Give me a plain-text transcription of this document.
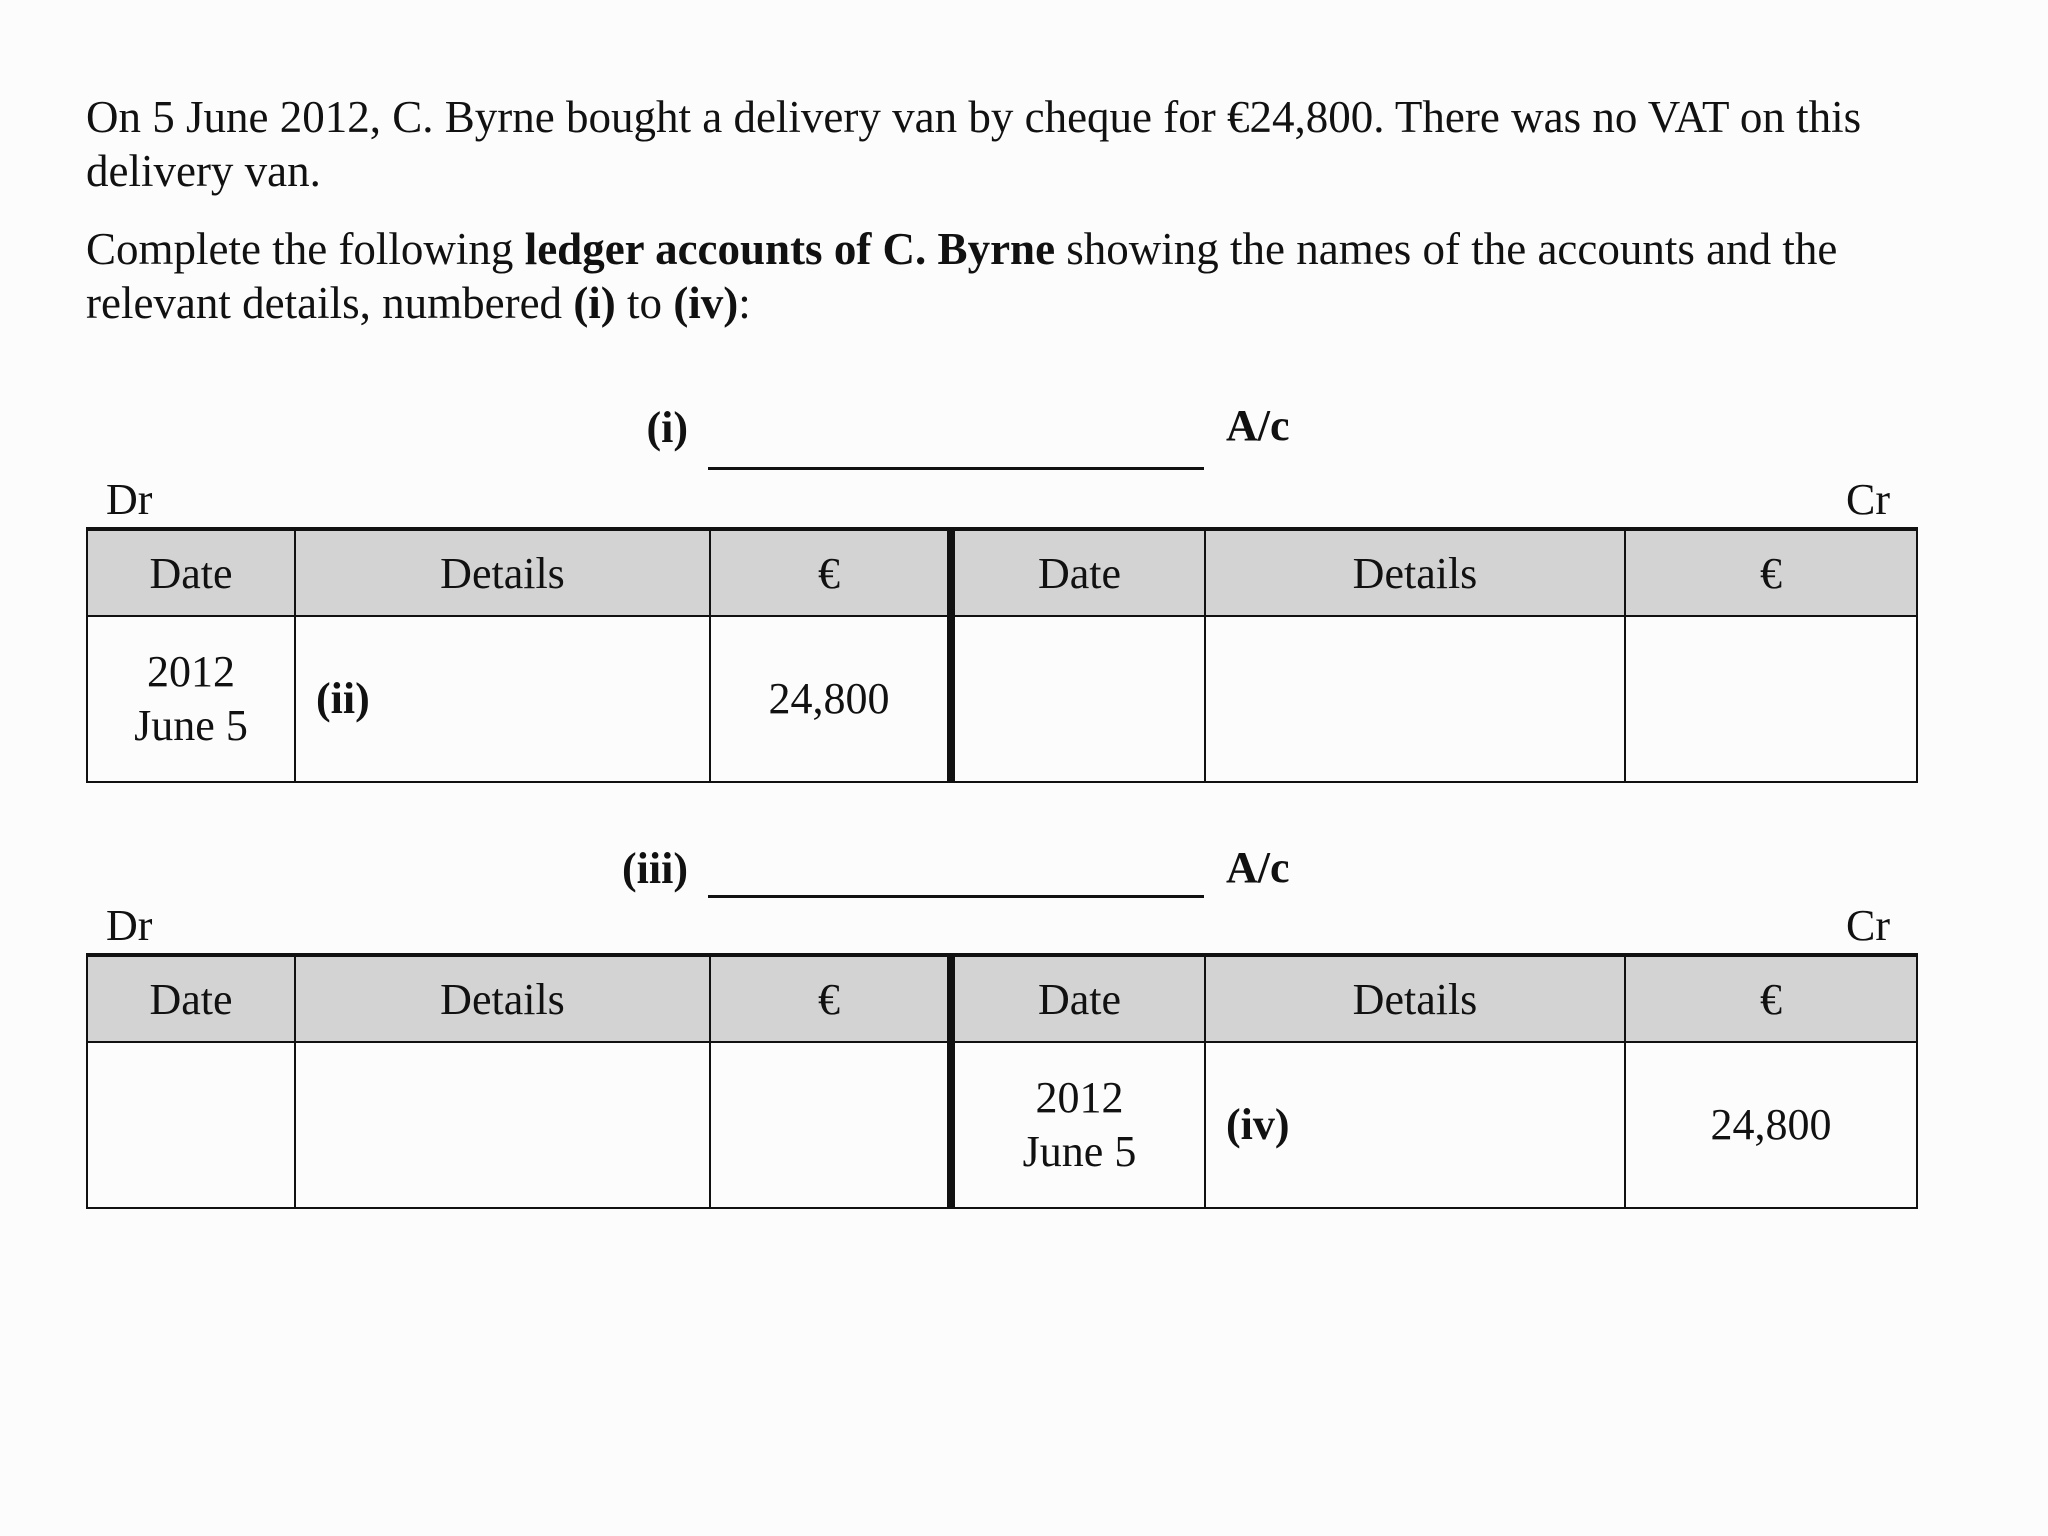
On 5 June 2012, C. Byrne bought a delivery van by cheque for €24,800. There was no VAT on this delivery van.

Complete the following ledger accounts of C. Byrne showing the names of the accounts and the relevant details, numbered (i) to (iv):

(i)	A/c
Dr	Cr
Date	Details	€	Date	Details	€

2012
June 5	(ii)	24,800	

(iii)	A/c
Dr	Cr
Date	Details	€	Date	Details	€

			2012
June 5	(iv)	24,800
